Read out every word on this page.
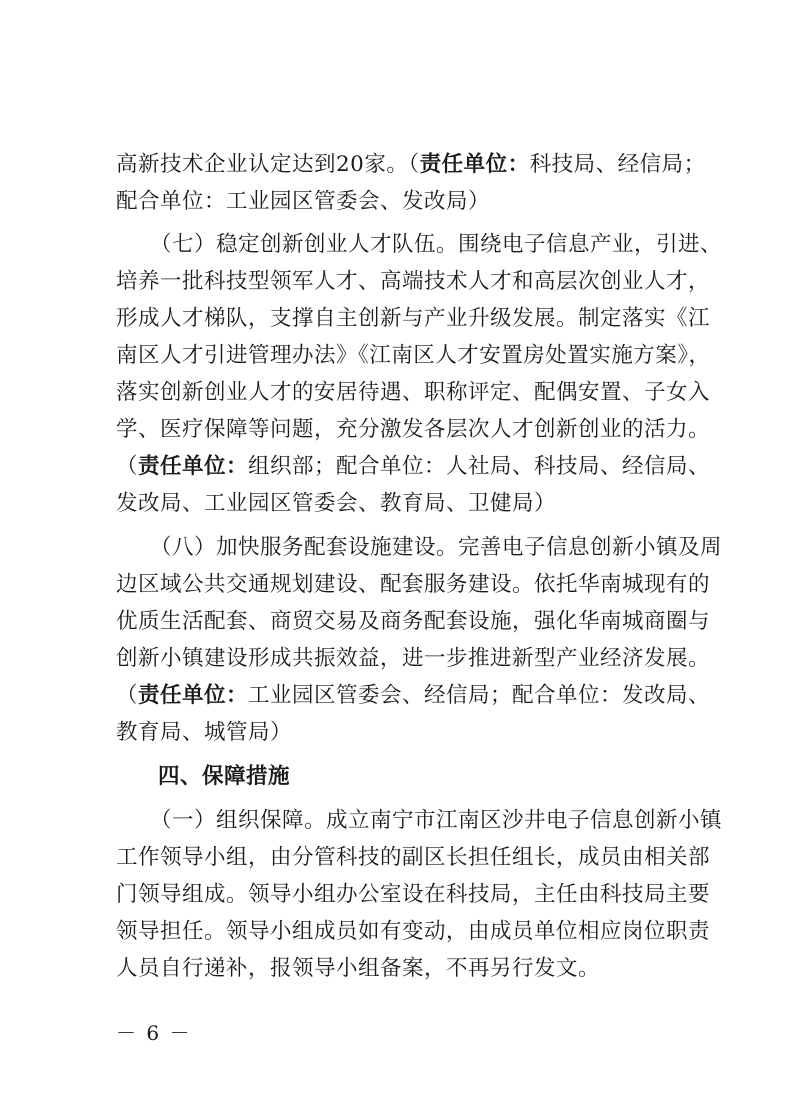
高新技术企业认定达到20家。（责任单位：科技局、经信局；
配合单位：工业园区管委会、发改局）
（七）稳定创新创业人才队伍。围绕电子信息产业，引进、
培养一批科技型领军人才、高端技术人才和高层次创业人才，
形成人才梯队，支撑自主创新与产业升级发展。制定落实《江
南区人才引进管理办法》《江南区人才安置房处置实施方案》，
落实创新创业人才的安居待遇、职称评定、配偶安置、子女入
学、医疗保障等问题，充分激发各层次人才创新创业的活力。
（责任单位：组织部；配合单位：人社局、科技局、经信局、
发改局、工业园区管委会、教育局、卫健局）
（八）加快服务配套设施建设。完善电子信息创新小镇及周
边区域公共交通规划建设、配套服务建设。依托华南城现有的
优质生活配套、商贸交易及商务配套设施，强化华南城商圈与
创新小镇建设形成共振效益，进一步推进新型产业经济发展。
（责任单位：工业园区管委会、经信局；配合单位：发改局、
教育局、城管局）
四、保障措施
（一）组织保障。成立南宁市江南区沙井电子信息创新小镇
工作领导小组，由分管科技的副区长担任组长，成员由相关部
门领导组成。领导小组办公室设在科技局，主任由科技局主要
领导担任。领导小组成员如有变动，由成员单位相应岗位职责
人员自行递补，报领导小组备案，不再另行发文。
－ 6 －
